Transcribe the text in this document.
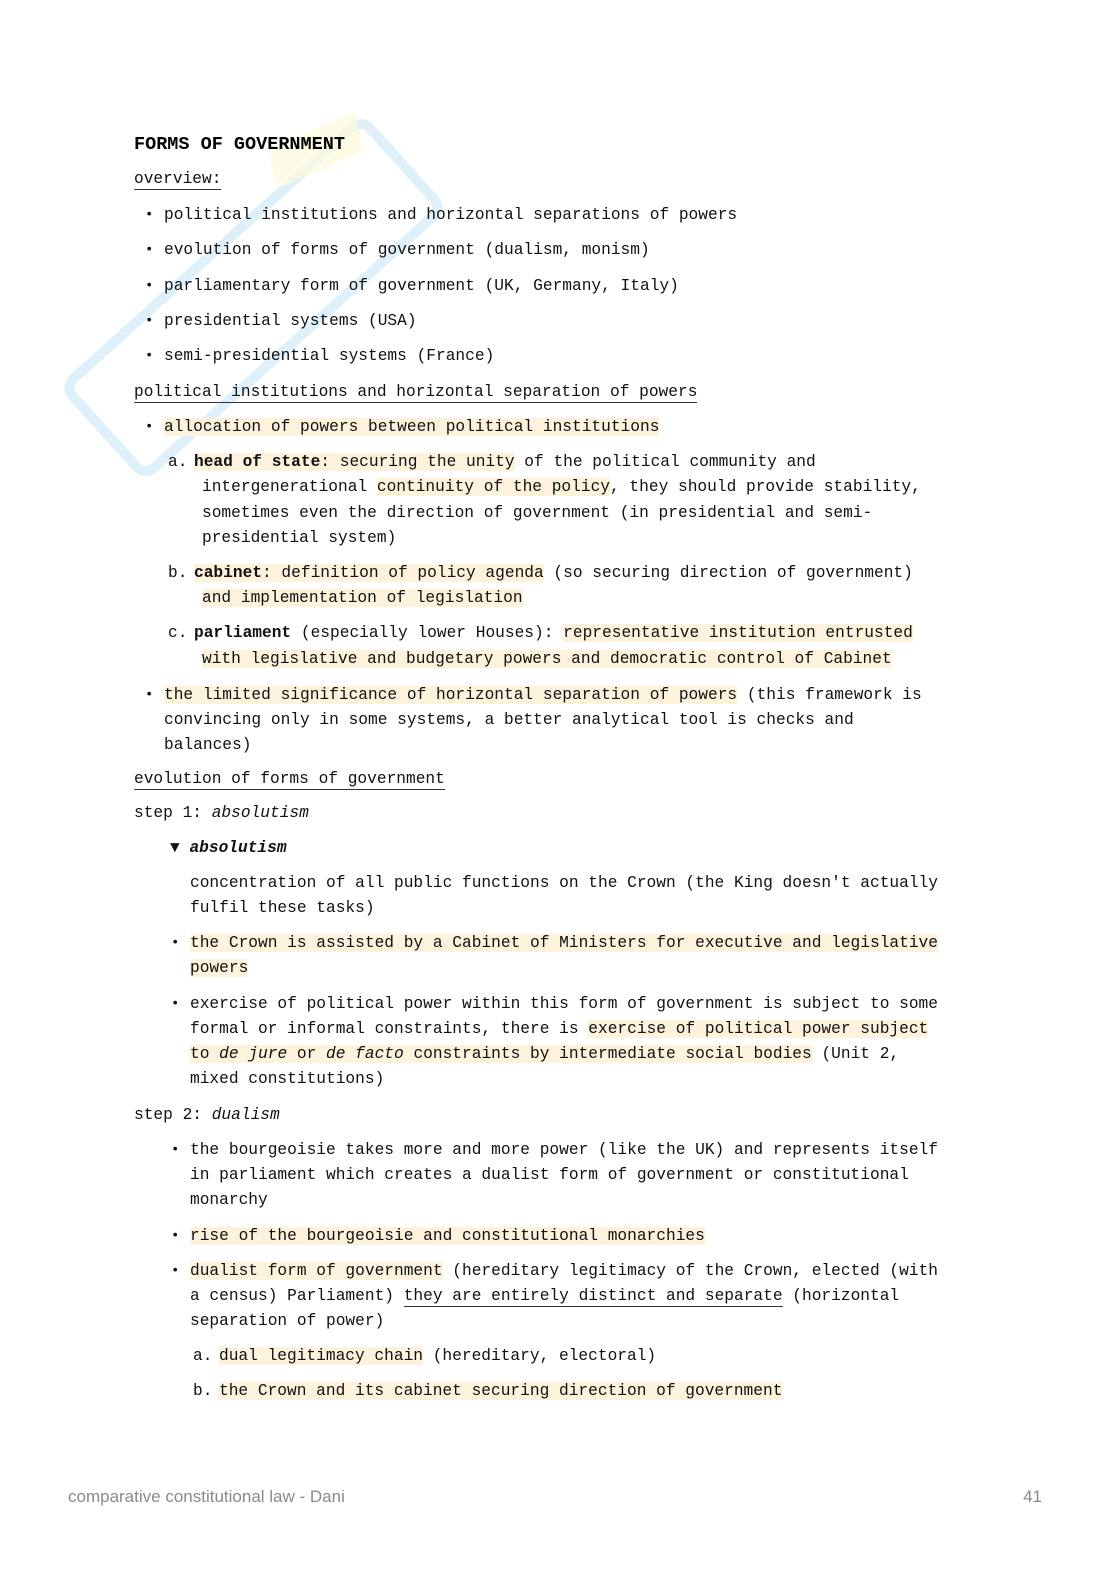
FORMS OF GOVERNMENT
overview:
• political institutions and horizontal separations of powers
• evolution of forms of government (dualism, monism)
• parliamentary form of government (UK, Germany, Italy)
• presidential systems (USA)
• semi-presidential systems (France)
political institutions and horizontal separation of powers
• allocation of powers between political institutions
a. head of state: securing the unity of the political community and
intergenerational continuity of the policy, they should provide stability,
sometimes even the direction of government (in presidential and semi-
presidential system)
b. cabinet: definition of policy agenda (so securing direction of government)
and implementation of legislation
c. parliament (especially lower Houses): representative institution entrusted
with legislative and budgetary powers and democratic control of Cabinet
• the limited significance of horizontal separation of powers (this framework is
convincing only in some systems, a better analytical tool is checks and
balances)
evolution of forms of government
step 1: absolutism
▼ absolutism
concentration of all public functions on the Crown (the King doesn't actually
fulfil these tasks)
• the Crown is assisted by a Cabinet of Ministers for executive and legislative
powers
• exercise of political power within this form of government is subject to some
formal or informal constraints, there is exercise of political power subject
to de jure or de facto constraints by intermediate social bodies (Unit 2,
mixed constitutions)
step 2: dualism
• the bourgeoisie takes more and more power (like the UK) and represents itself
in parliament which creates a dualist form of government or constitutional
monarchy
• rise of the bourgeoisie and constitutional monarchies
• dualist form of government (hereditary legitimacy of the Crown, elected (with
a census) Parliament) they are entirely distinct and separate (horizontal
separation of power)
a. dual legitimacy chain (hereditary, electoral)
b. the Crown and its cabinet securing direction of government
comparative constitutional law - Dani	41
